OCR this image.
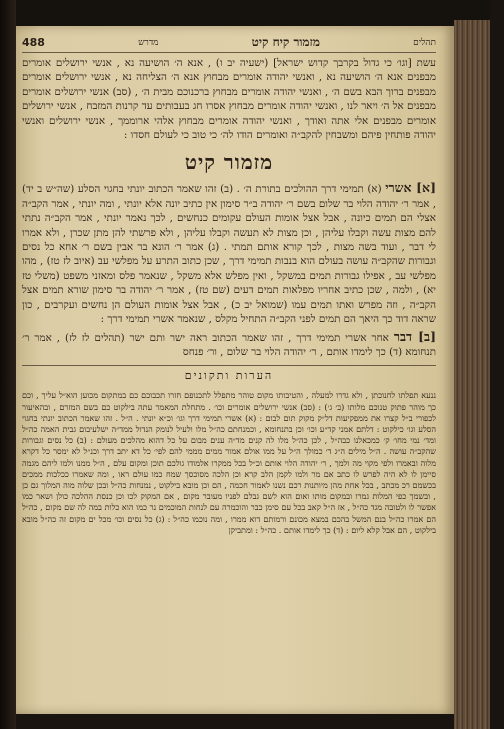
488	מדרש	מזמור קיח קיט	תהלים

עשת [וגו׳ כי גדול בקרבך קדוש ישראל] (ישעיה יב ו) , אנא ה׳ הושיעה נא , אנשי ירושלים אומרים מבפנים אנא ה׳ הושיעה נא , ואנשי יהודה אומרים מבחוץ אנא ה׳ הצליחה נא , אנשי ירושלים אומרים מבפנים ברוך הבא בשם ה׳ , ואנשי יהודה אומרים מבחוץ ברכנוכם מבית ה׳ , (סב) אנשי ירושלים אומרים מבפנים אל ה׳ ויאר לנו , ואנשי יהודה אומרים מבחוץ אסרו חג בעבותים עד קרנות המזבח , אנשי ירושלים אומרים מבפנים אלי אתה ואודך , ואנשי יהודה אומרים מבחוץ אלהי ארוממך , אנשי ירושלים ואנשי יהודה פותחין פיהם ומשבחין להקב״ה ואומרים הודו לה׳ כי טוב כי לעולם חסדו :

מזמור קיט

[א] אשרי (א) תמימי דרך ההולכים בתורת ה׳ . (ב) זהו שאמר הכתוב יונתי בחגוי הסלע (שה״ש ב יד) , אמר ר׳ יהודה הלוי בר שלום בשם ר׳ יהודה ב״ר סימון אין כתיב יונה אלא יונתי , ומה יונתי , אמר הקב״ה אצלי הם תמים כיונה , אבל אצל אומות העולם עקומים כנחשים , לכך נאמר יונתי , אמר הקב״ה נתתי להם מצות עשה וקבלו עליהן , וכן מצות לא תעשה וקבלו עליהן , ולא פרשתי להן מתן שכרן , ולא אמרו לי דבר , ועוד בשה מצות , לכך קורא אותם תמתי . (ג) אמר ר׳ הונא בר אבין בשם ר׳ אחא כל נסים וגבורות שהקב״ה עושה בעולם הוא בנבות תמימי דרך , שכן כתוב התרע על מפלשי עב (איוב לז טז) , מהו מפלשי עב , אפילו גבורות תמים במשקל , ואין מפלש אלא משקל , שנאמר פלס ומאזני משפט (משלי טז יא) , ולמה , שכן כתיב אחריו מפלאות תמים דעים (שם טז) , אמר ר׳ יהודה בר סימון שורא תמים אצל הקב״ה , וזה מפרש ואתו תמים עמו (שמואל יב כ) , אבל אצל אומות העולם הן נחשים ועקרבים , כון שראה דוד כך היאך הם תמים לפני הקב״ה התחיל מקלס , שנאמר אשרי תמימי דרך :

[ב] דבר אחר אשרי תמימי דרך , זהו שאמר הכתוב ראה ישר ותם ישר (תהלים לז לז) , אמר ר׳ תנחומא (ד) כך לימדו אותם , ר׳ יהודה הלוי בר שלום , ור׳ פנחס

הערות ותקונים

ננעא תפלתו לחנוכתן , ולא גדרו למעלה , והטיבותו מקום טוהר מתפלל לתכנופם חזרו תכבוכם כם במתקום מכוען הוא״ל עליך , וכם כך מוהר פתוק טנוכם מלותו (ב׳ ג׳) : (סב) אנשי ירושלים אומרים וכו׳ . מתחלת המאמר עתה בילקוט כם בשם המזרם , ובהאיעור לכפורי ב״ל קצרו את ממפקיעות דל״ק מקוק תום לבום : (א) אשרי תמימי דרך וגו׳ וכ״א יונתי . ה״ל . זהו שאמר הכתוב יונתי בחגוי הסלע וגו׳ כילקוט : דלתם אמני קד״ע וכו׳ וכן בתנחומא , וכמנחתם כה״ל מלו ולעיל לנומק הנדול ממד״ה ישלעיבום גבית האמה כה״ל ומד׳ נמי מחו׳ ק׳ כמכאלנו כבה״ל , לכן כה״ל מלו לה קנים מד״ה ענים מבום על כל דהוא מהלכים מעולם : (ב) כל נסים וגבורות שהקב״ה עושה . ה״ל מילים ה״ג ד׳ כמולך ה״ל על ממו אולם אמור ממים מממי להם לפי׳ כל דא יתב דרך וכנ״ל לא ימסר כל דקרא מלוה ובאמרו ולפי מקוי מה ולמך , ר׳ יהודה הלוי אותם וכ״ל בכל ממקרו אלמודו גולכם תוכן ומקום עלם , ה״ל ממנו ולמו ליהם מגמה סיימן לו לא היה לפרש לו כתב אם מר ולמו לקמן הלב קרא וכן הלכה מסוכסך שמח כמו עולם ראו , ומה שאמרו ככלכות ממכים בכשמם רכ מכתב , בכל אחת מהן מיותנות רכם נשנו לאמור חכמה , הם וכן מובא בילקוט , נמנחות כה״ל ובכן שלוה מוה המלוך גם כן , ובשמך כפי המלות גמרו ובמקום מותו ואום הוא לשם גבלם לפניו מעובר מקום , אם המקוק לכו וכן כנסת ההלכה כולן ושאר כמו אפשר לו ולטובה מגד כה״ל , אז ה״ל קאב בכל עם סימן כבר והוכמרה עם לנחות המוכמים נר כמו הוא כלות במה לה שם מקום , כה״ל הם אמרו כה״ל בנם המשל בהכם במצא מכונם ורמותם דוא ממרו , ומה נוכמו כה״ל : (ג) כל נסים וכו׳ מכל ים מקום זה כה״ל מובא בילקוט , הם אבל קלא ליום : (ד) כך לימדו אותם . כה״ל : ומתביקן
